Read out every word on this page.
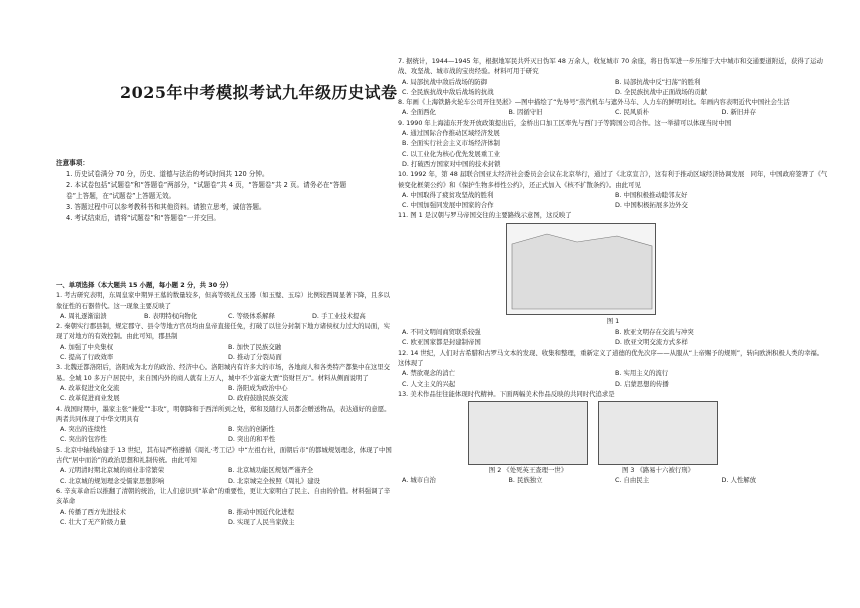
2025年中考模拟考试九年级历史试卷

注意事项：

1. 历史试卷满分 70 分，历史、道德与法治的考试时间共 120 分钟。

2. 本试卷包括“试题卷”和“答题卷”两部分，“试题卷”共 4 页，“答题卷”共 2 页。请务必在“答题

卷”上答题，在“试题卷”上答题无效。

3. 答题过程中可以参考教科书和其他资料。请独立思考，诚信答题。

4. 考试结束后，请将“试题卷”和“答题卷”一并交回。

一、单项选择（本大题共 15 小题，每小题 2 分，共 30 分）

1. 考古研究表明，东周皇家中期异王墓的数量较多，但高等级礼仪玉器（如玉璧、玉琮）比例较西周显著下降，且多以象征性的石器替代。这一现象主要反映了

A. 周礼逐渐崩溃	B. 表明特权向物化	C. 等级体系解释	D. 手工业技术提高

2. 秦朝实行郡县制，规定郡守、县令等地方官员均由皇帝直接任免，打破了以往分封制下地方诸侯权力过大的局面，实现了对地方的有效控制。由此可知，郡县制

A. 加强了中央集权	B. 加快了民族交融
C. 提高了行政效率	D. 推动了分裂局面

3. 北魏迁都洛阳后，洛阳成为北方的政治、经济中心。洛阳城内有许多大的市场，各地商人和各类特产都集中在这里交易。全城 10 多万户居民中，来自国内外的商人就有上万人，城中不少富豪大贾“资财巨万”。材料从侧面说明了

A. 改革促进文化交流	B. 洛阳成为政治中心
C. 改革促进商业发展	D. 政府鼓励民族交流

4. 战国时期中，墨家主张“兼爱”“非攻”，明朝降和于西洋所到之处，郑和及随行人员都会赠送物品，表达通好的意愿。两者共同体现了中华文明具有

A. 突出的连续性	B. 突出的创新性
C. 突出的包容性	D. 突出的和平性

5. 北京中轴线始建于 13 世纪，其布局严格遵循《周礼·考工记》中“左祖右社，面朝后市”的都城规划理念，体现了中国古代“居中而治”的政治思想和礼制传统。由此可知

A. 元明清时期北京城的商业非常繁荣	B. 北京城功能区规划严谨齐全
C. 北京城的规划理念受儒家思想影响	D. 北京城完全按照《周礼》建设

6. 辛亥革命后以推翻了清朝的统治，让人们意识到“革命”的重要性，更让大家明白了民主、自由的价值。材料强调了辛亥革命

A. 传播了西方先进技术	B. 推动中国近代化进程
C. 壮大了无产阶级力量	D. 实现了人民当家做主

7. 据统计，1944—1945 年，根据地军民共歼灭日伪军 48 万余人，收复城市 70 余座，将日伪军进一步压缩于大中城市和交通要道附近，获得了运动战、攻坚战、城市战的宝贵经验。材料可用于研究

A. 局部抗战中敌后战场的防御	B. 局部抗战中反“扫荡”的胜利
C. 全民族抗战中敌后战场的抗战	D. 全民族抗战中正面战场的贡献

8. 年画《上海铁路火轮车公司开往吴淞》—图中描绘了“先导号”蒸汽机车与遮外马车、人力车的鲜明对比。年画内容表明近代中国社会生活

A. 全面西化	B. 因循守旧	C. 民风质朴	D. 新旧并存

9. 1990 年上海浦东开发开放政策提出后，金桥出口加工区率先与西门子等跨国公司合作。这一举措可以体现当时中国

A. 通过国际合作推动区域经济发展
B. 全面实行社会主义市场经济体制
C. 以工业化为核心优先发展重工业
D. 打破西方国家对中国的技术封锁

10. 1992 年，第 48 届联合国亚太经济社会委员会会议在北京举行，通过了《北京宣言》，这有利于推动区域经济协调发展　同年，中国政府签署了《气候变化框架公约》和《保护生物多样性公约》，还正式加入《核不扩散条约》。由此可见

A. 中国取得了疲贫攻坚战的胜利	B. 中国积极推动睦邻友好
C. 中国加强同发展中国家的合作	D. 中国积极拓展多边外交

11. 图 1 是汉朝与罗马帝国交往的主要路线示意图，这反映了

图 1

A. 不同文明间商贸联系较强	B. 欧亚文明存在交流与冲突
C. 欧亚国家都是封建制帝国	D. 欧亚文明交流方式多样

12. 14 世纪，人们对古希腊和古罗马文本的发现、收集和整理，重新定义了道德的优先次序——从服从“上帝赐予的规则”，转向欧洲积极人类的幸福。这体现了

A. 禁欲观念的消亡	B. 实用主义的流行
C. 人文主义的兴起	D. 启蒙思想的传播

13. 美术作品往往能体现时代精神。下面两幅美术作品反映的共同时代追求是

图 2 《处死英王查理一世》	图 3 《路易十六被行刑》
A. 城市自治	B. 民族独立	C. 自由民主	D. 人性解放
